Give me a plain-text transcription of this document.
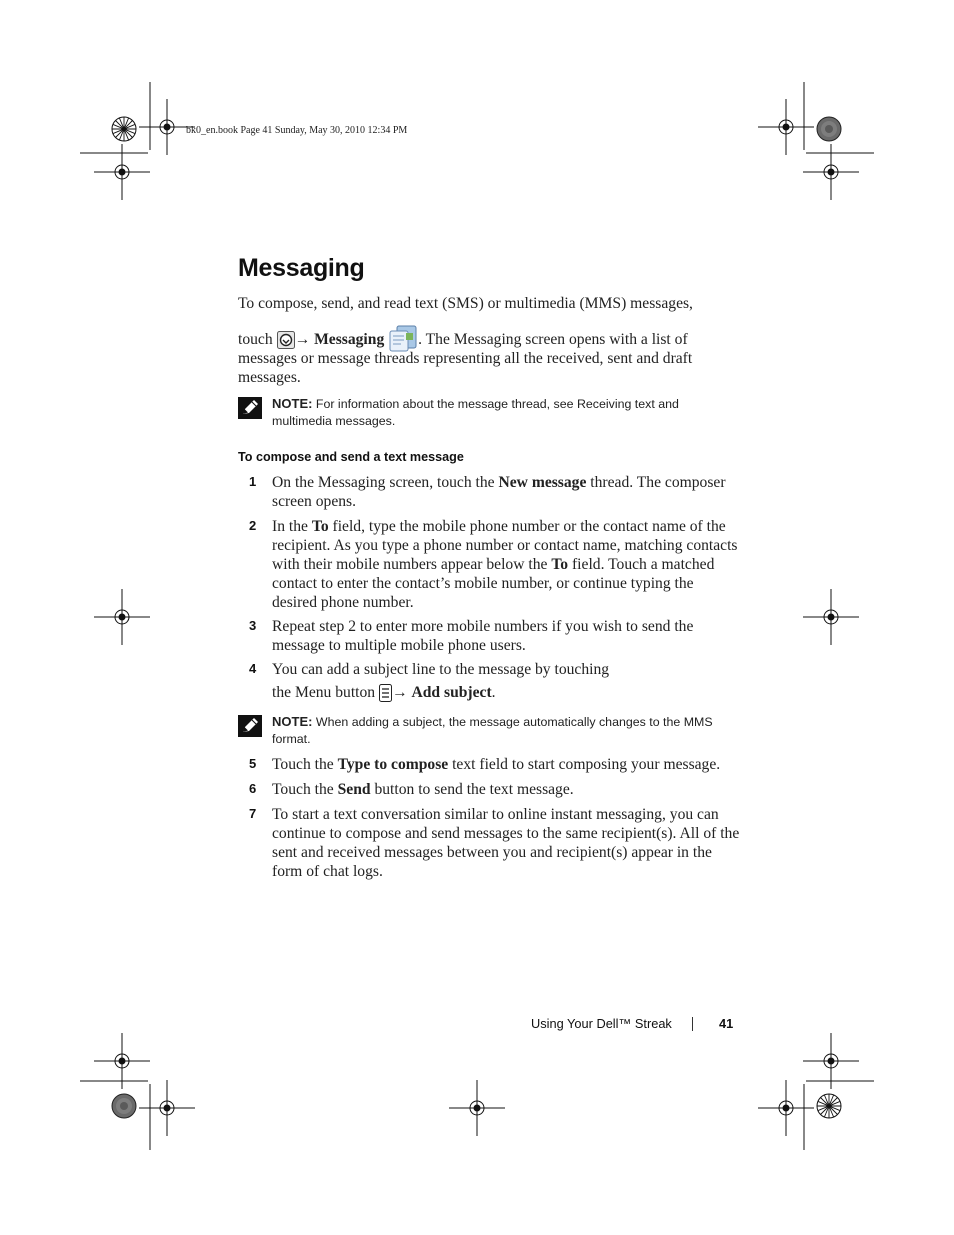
bk0_en.book Page 41 Sunday, May 30, 2010 12:34 PM
Messaging
To compose, send, and read text (SMS) or multimedia (MMS) messages,
touch → Messaging . The Messaging screen opens with a list of
messages or message threads representing all the received, sent and draft
messages.
NOTE: For information about the message thread, see Receiving text and multimedia messages.
To compose and send a text message
1 On the Messaging screen, touch the New message thread. The composer screen opens.
2 In the To field, type the mobile phone number or the contact name of the recipient. As you type a phone number or contact name, matching contacts with their mobile numbers appear below the To field. Touch a matched contact to enter the contact’s mobile number, or continue typing the desired phone number.
3 Repeat step 2 to enter more mobile numbers if you wish to send the message to multiple mobile phone users.
4 You can add a subject line to the message by touching
the Menu button → Add subject.
NOTE: When adding a subject, the message automatically changes to the MMS format.
5 Touch the Type to compose text field to start composing your message.
6 Touch the Send button to send the text message.
7 To start a text conversation similar to online instant messaging, you can continue to compose and send messages to the same recipient(s). All of the sent and received messages between you and recipient(s) appear in the form of chat logs.
Using Your Dell™ Streak	41
